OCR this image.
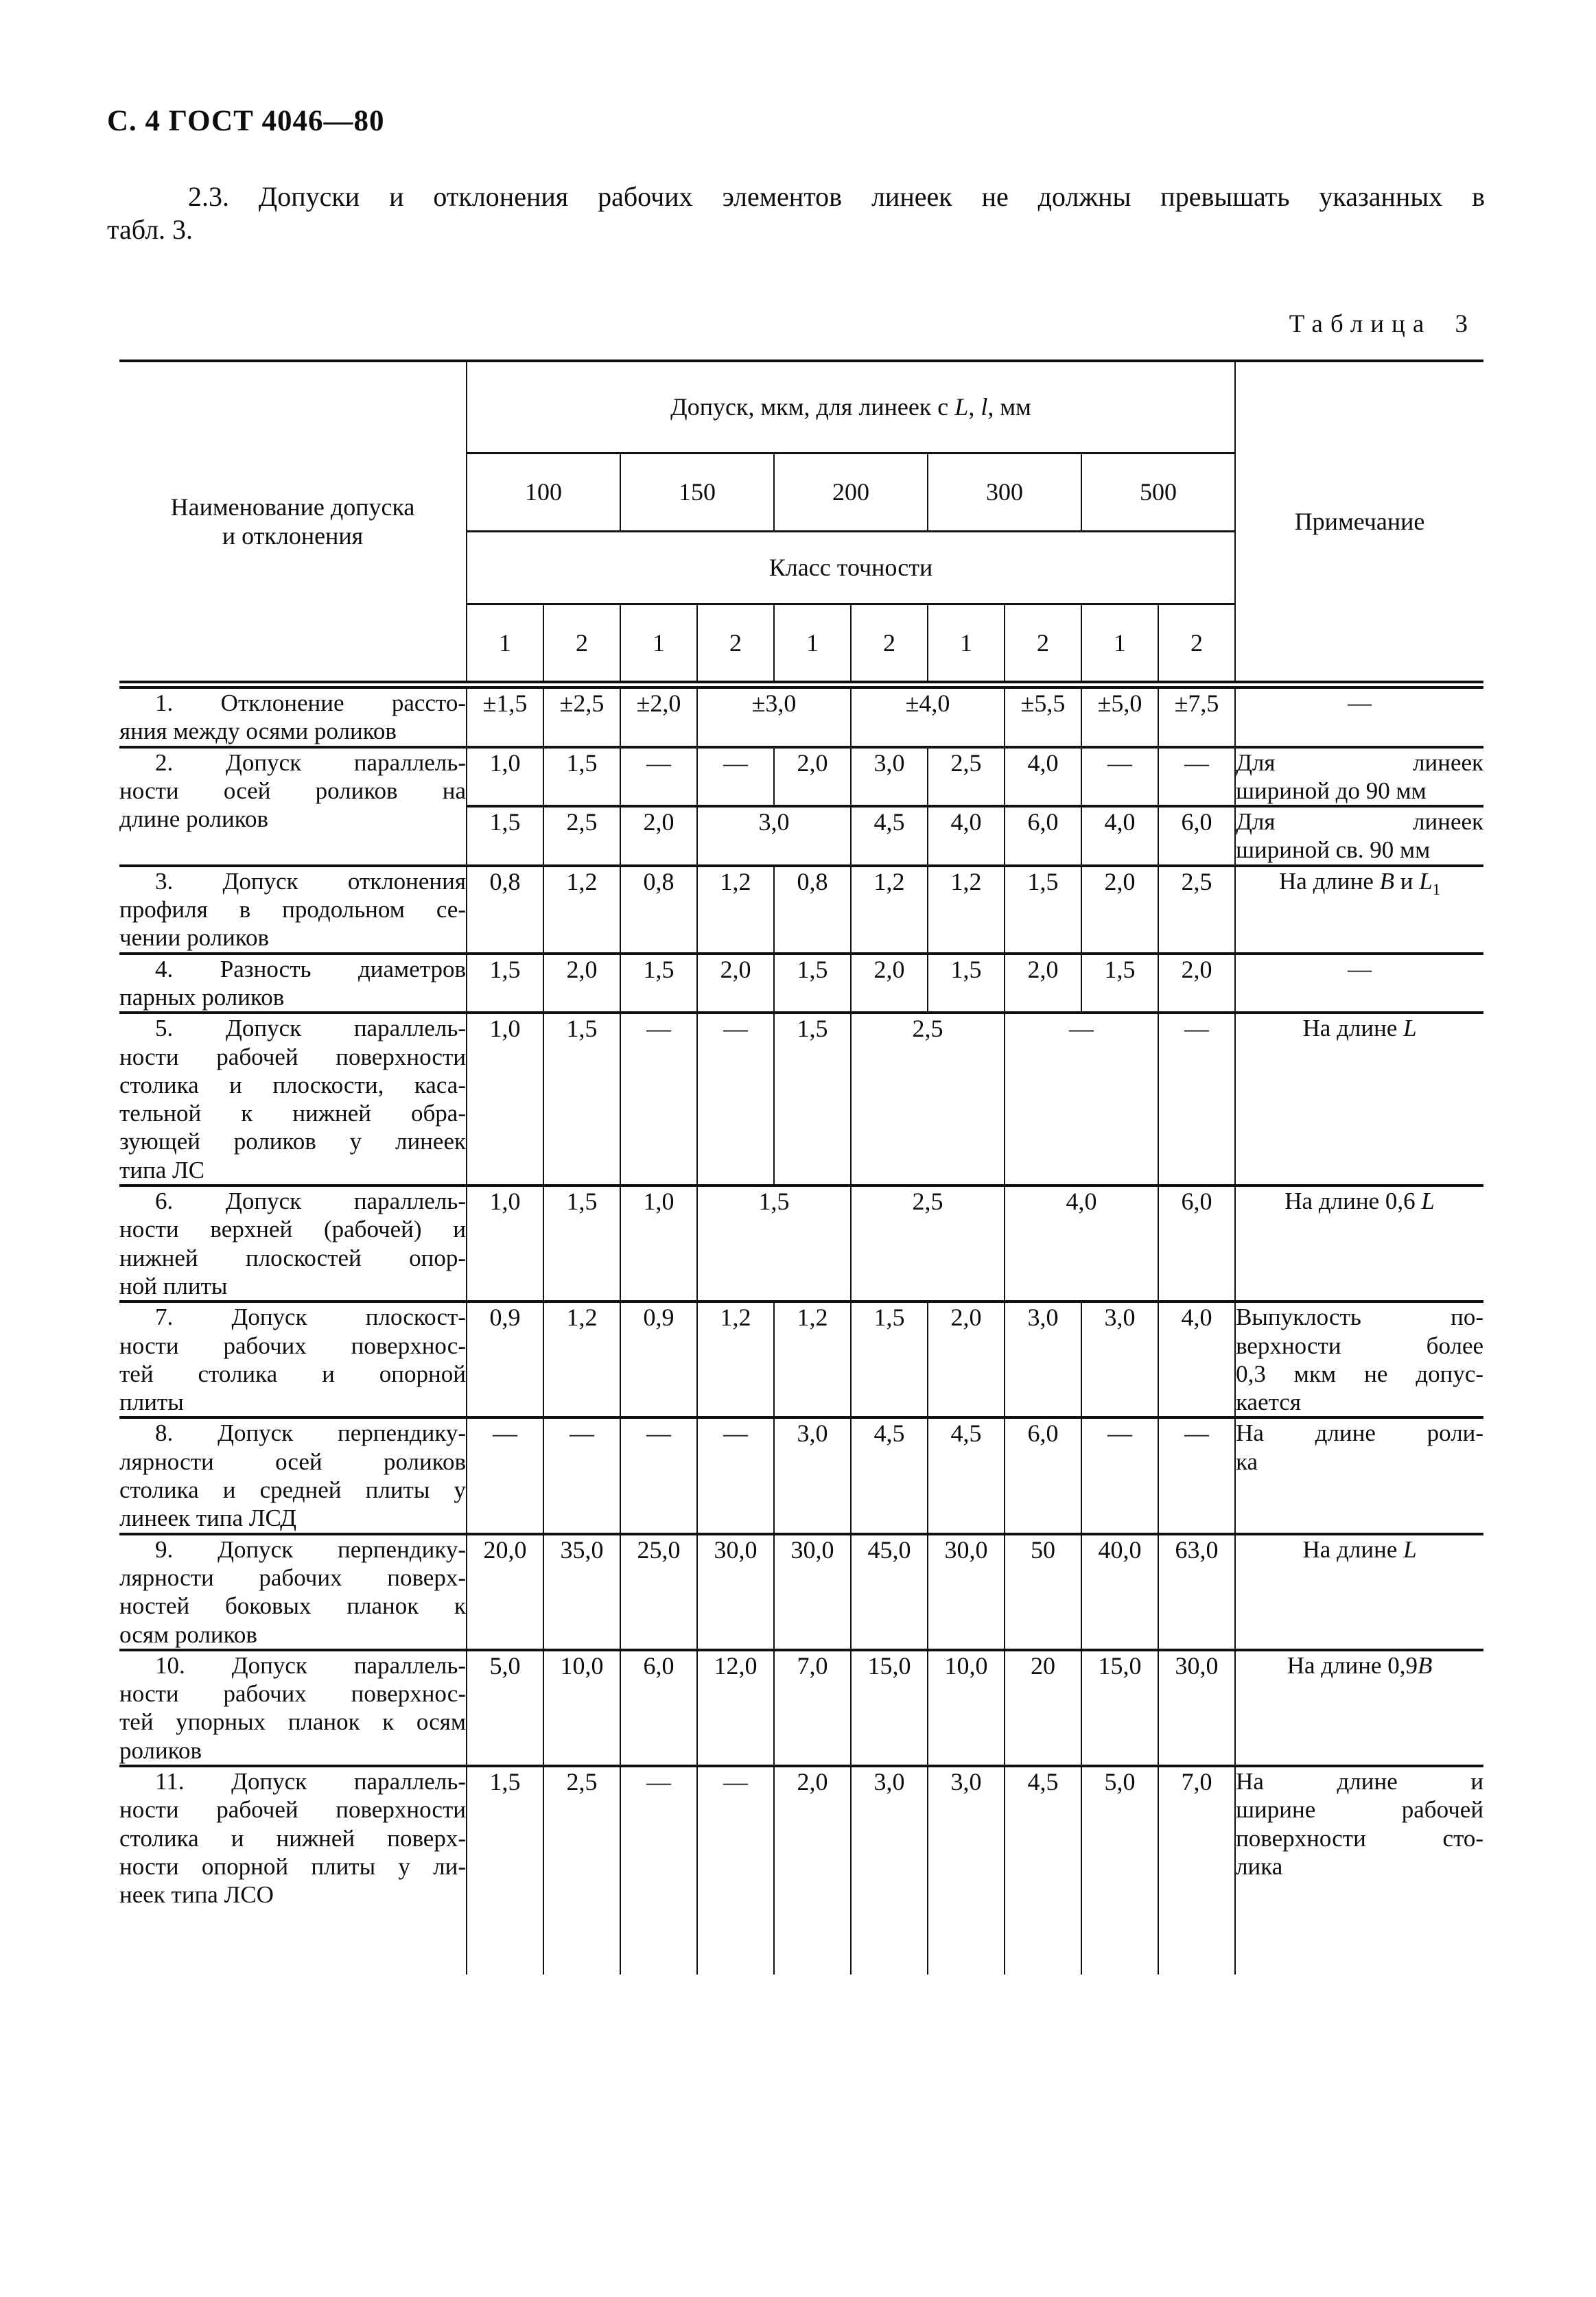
С. 4 ГОСТ 4046—80
2.3. Допуски и отклонения рабочих элементов линеек не должны превышать указанных в
табл. 3.
Таблица 3
Наименование допуска
и отклонения	Допуск, мкм, для линеек с L, l, мм										Примечание
	100		150		200		300		500		
	Класс точности										
	1	2	1	2	1	2	1	2	1	2	

1. Отклонение рассто-
яния между осями роликов	±1,5	±2,5	±2,0	±3,0		±4,0		±5,5	±5,0	±7,5	—

2. Допуск параллель-
ности осей роликов на
длине роликов
	1,0	1,5	—	—	2,0	3,0	2,5	4,0	—	—	Для линеек
шириной до 90 мм

	1,5	2,5	2,0	3,0		4,5	4,0	6,0	4,0	6,0	Для линеек
шириной св. 90 мм

3. Допуск отклонения
профиля в продольном се-
чении роликов	0,8	1,2	0,8	1,2	0,8	1,2	1,2	1,5	2,0	2,5	На длине В и $L_1$

4. Разность диаметров
парных роликов	1,5	2,0	1,5	2,0	1,5	2,0	1,5	2,0	1,5	2,0	—

5. Допуск параллель-
ности рабочей поверхности
столика и плоскости, каса-
тельной к нижней обра-
зующей роликов у линеек
типа ЛС
	1,0	1,5	—	—	1,5	2,5	—	—	На длине L

6. Допуск параллель-
ности верхней (рабочей) и
нижней плоскостей опор-
ной плиты	1,0	1,5	1,0	1,5		2,5		4,0		6,0	На длине 0,6 L

7. Допуск плоскост-
ности рабочих поверхнос-
тей столика и опорной
плиты
	0,9	1,2	0,9	1,2	1,2	1,5	2,0	3,0	3,0	4,0	Выпуклость по-
верхности более
0,3 мкм не допус-
кается

8. Допуск перпендику-
лярности осей роликов
столика и средней плиты у
линеек типа ЛСД
	—	—	—	—	3,0	4,5	4,5	6,0	—	—	На длине роли-
ка

9. Допуск перпендику-
лярности рабочих поверх-
ностей боковых планок к
осям роликов	20,0	35,0	25,0	30,0	30,0	45,0	30,0	50	40,0	63,0	На длине L

10. Допуск параллель-
ности рабочих поверхнос-
тей упорных планок к осям
роликов	5,0	10,0	6,0	12,0	7,0	15,0	10,0	20	15,0	30,0	На длине 0,9В

11. Допуск параллель-
ности рабочей поверхности
столика и нижней поверх-
ности опорной плиты у ли-
неек типа ЛСО
	1,5	2,5	—	—	2,0	3,0	3,0	4,5	5,0	7,0	На длине и
ширине рабочей
поверхности сто-
лика
